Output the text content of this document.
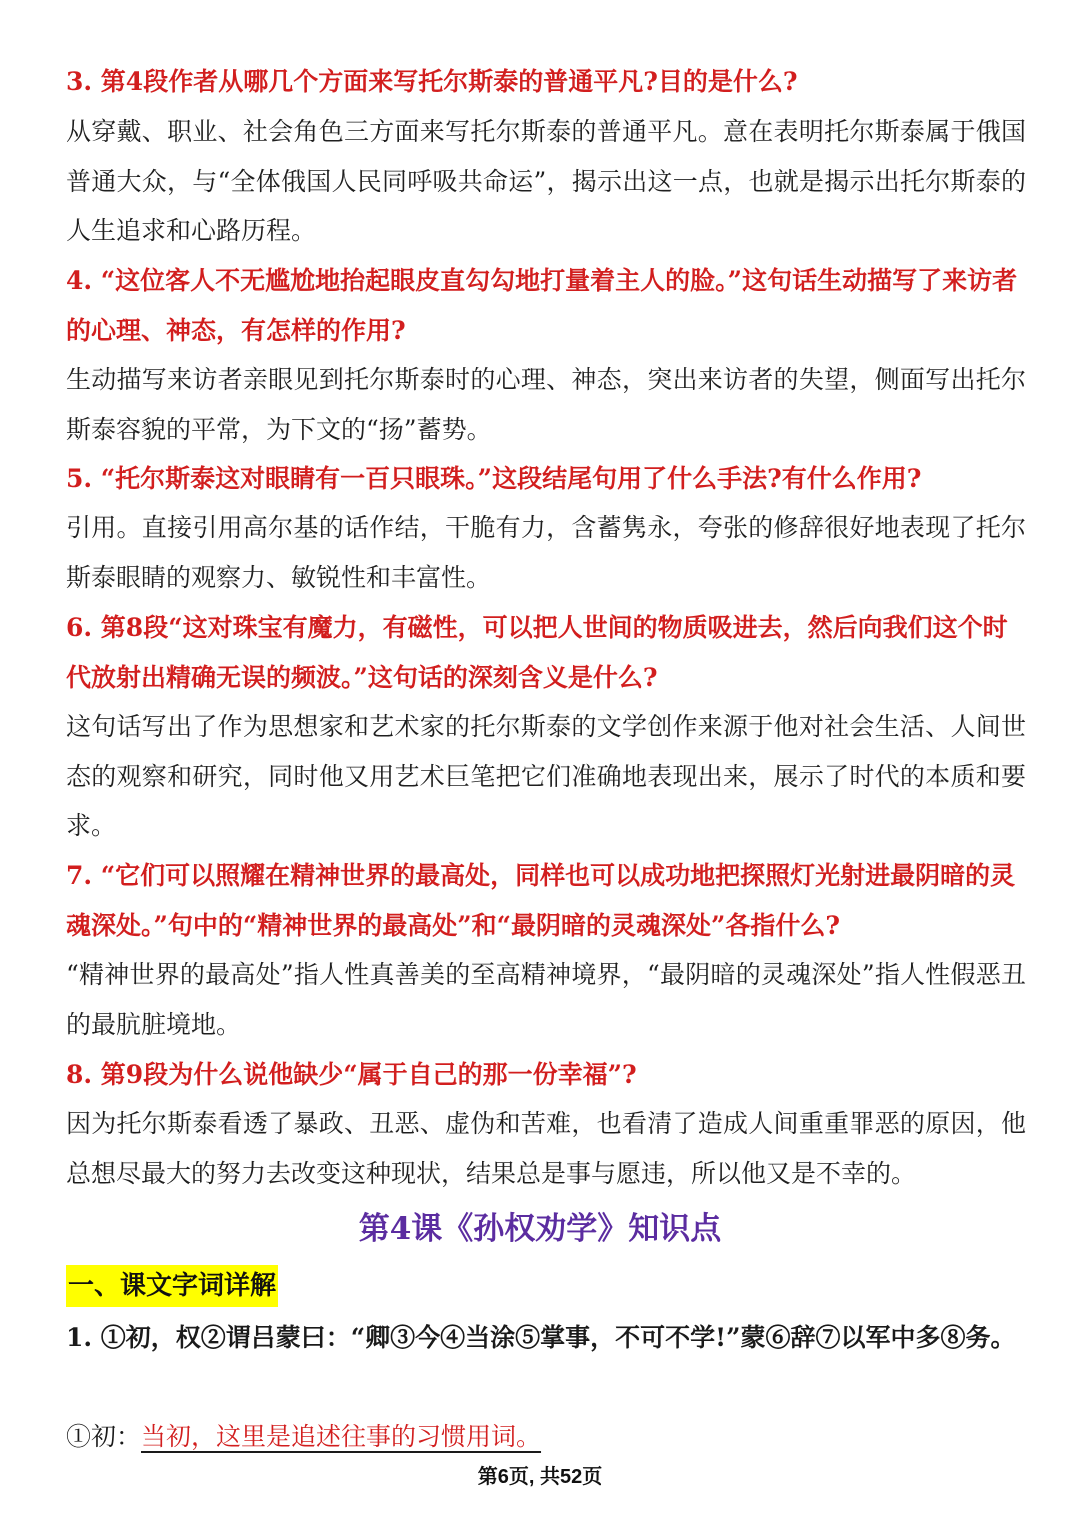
3. 第4段作者从哪几个方面来写托尔斯泰的普通平凡?目的是什么?
从穿戴、职业、社会角色三方面来写托尔斯泰的普通平凡。意在表明托尔斯泰属于俄国普通大众，与“全体俄国人民同呼吸共命运”，揭示出这一点，也就是揭示出托尔斯泰的人生追求和心路历程。
4. “这位客人不无尴尬地抬起眼皮直勾勾地打量着主人的脸。”这句话生动描写了来访者的心理、神态，有怎样的作用?
生动描写来访者亲眼见到托尔斯泰时的心理、神态，突出来访者的失望，侧面写出托尔斯泰容貌的平常，为下文的“扬”蓄势。
5. “托尔斯泰这对眼睛有一百只眼珠。”这段结尾句用了什么手法?有什么作用?
引用。直接引用高尔基的话作结，干脆有力，含蓄隽永，夸张的修辞很好地表现了托尔斯泰眼睛的观察力、敏锐性和丰富性。
6. 第8段“这对珠宝有魔力，有磁性，可以把人世间的物质吸进去，然后向我们这个时代放射出精确无误的频波。”这句话的深刻含义是什么?
这句话写出了作为思想家和艺术家的托尔斯泰的文学创作来源于他对社会生活、人间世态的观察和研究，同时他又用艺术巨笔把它们准确地表现出来，展示了时代的本质和要求。
7. “它们可以照耀在精神世界的最高处，同样也可以成功地把探照灯光射进最阴暗的灵魂深处。”句中的“精神世界的最高处”和“最阴暗的灵魂深处”各指什么?
“精神世界的最高处”指人性真善美的至高精神境界，“最阴暗的灵魂深处”指人性假恶丑的最肮脏境地。
8. 第9段为什么说他缺少“属于自己的那一份幸福”?
因为托尔斯泰看透了暴政、丑恶、虚伪和苦难，也看清了造成人间重重罪恶的原因，他总想尽最大的努力去改变这种现状，结果总是事与愿违，所以他又是不幸的。
第4课《孙权劝学》知识点
一、课文字词详解
1. ①初，权②谓吕蒙曰：“卿③今④当涂⑤掌事，不可不学!”蒙⑥辞⑦以军中多⑧务。
①初：当初，这里是追述往事的习惯用词。
第6页, 共52页
